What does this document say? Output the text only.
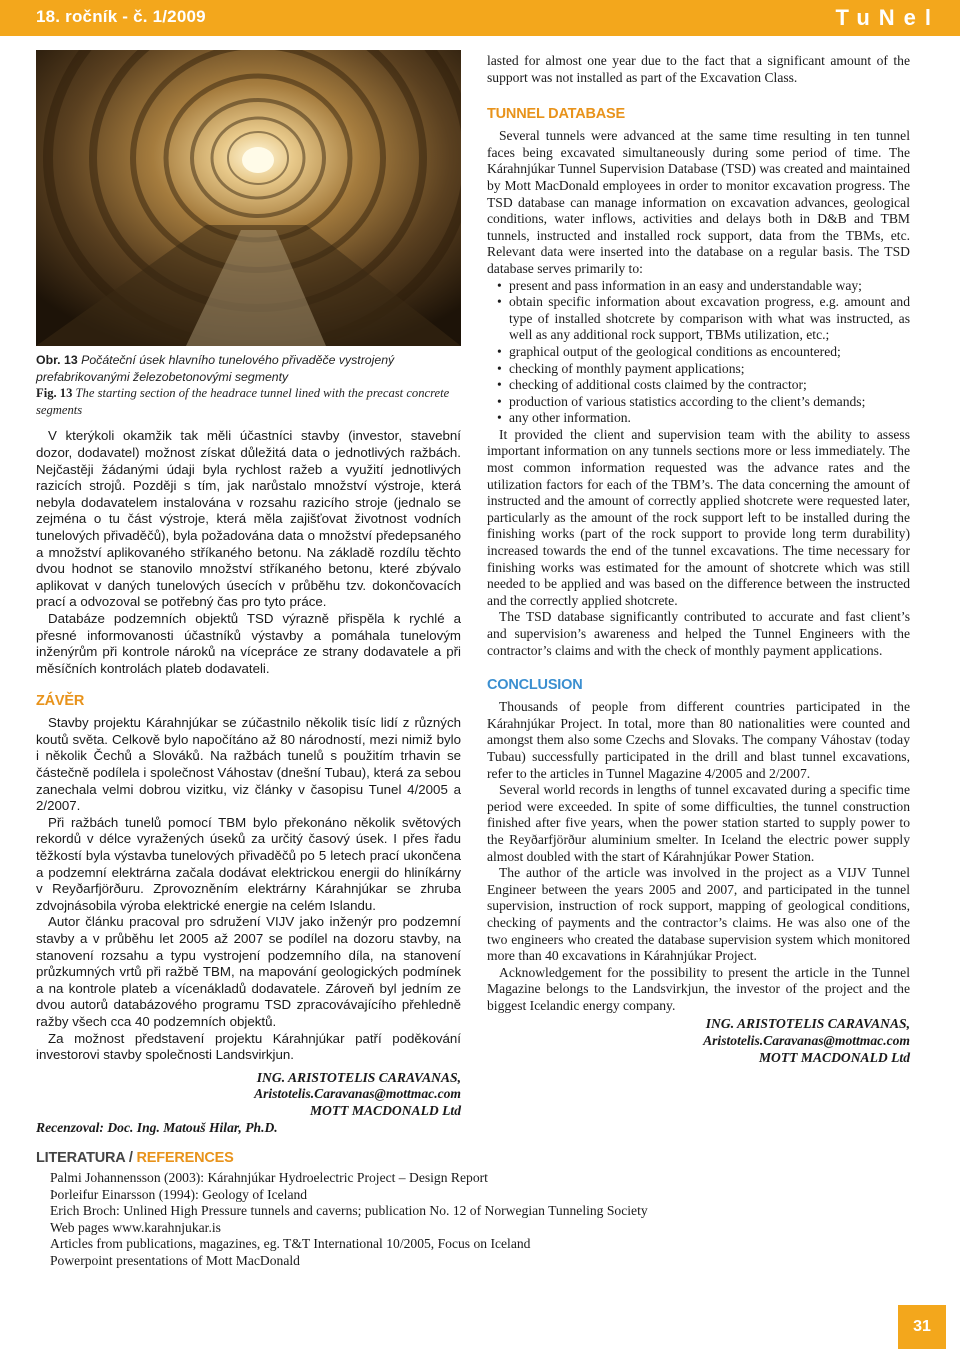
18. ročník - č. 1/2009	TuNel

Obr. 13 Počáteční úsek hlavního tunelového přivaděče vystrojený prefabrikovanými železobetonovými segmenty

Fig. 13 The starting section of the headrace tunnel lined with the precast concrete segments

V kterýkoli okamžik tak měli účastníci stavby (investor, stavební dozor, dodavatel) možnost získat důležitá data o jednotlivých ražbách. Nejčastěji žádanými údaji byla rychlost ražeb a využití jednotlivých razicích strojů. Později s tím, jak narůstalo množství výstroje, která nebyla dodavatelem instalována v rozsahu razicího stroje (jednalo se zejména o tu část výstroje, která měla zajišťovat životnost vodních tunelových přivaděčů), byla požadována data o množství předepsaného a množství aplikovaného stříkaného betonu. Na základě rozdílu těchto dvou hodnot se stanovilo množství stříkaného betonu, které zbývalo aplikovat v daných tunelových úsecích v průběhu tzv. dokončovacích prací a odvozoval se potřebný čas pro tyto práce.

Databáze podzemních objektů TSD výrazně přispěla k rychlé a přesné informovanosti účastníků výstavby a pomáhala tunelovým inženýrům při kontrole nároků na vícepráce ze strany dodavatele a při měsíčních kontrolách plateb dodavateli.

ZÁVĚR

Stavby projektu Kárahnjúkar se zúčastnilo několik tisíc lidí z různých koutů světa. Celkově bylo napočítáno až 80 národností, mezi nimiž bylo i několik Čechů a Slováků. Na ražbách tunelů s použitím trhavin se částečně podílela i společnost Váhostav (dnešní Tubau), která za sebou zanechala velmi dobrou vizitku, viz články v časopisu Tunel 4/2005 a 2/2007.

Při ražbách tunelů pomocí TBM bylo překonáno několik světových rekordů v délce vyražených úseků za určitý časový úsek. I přes řadu těžkostí byla výstavba tunelových přivaděčů po 5 letech prací ukončena a podzemní elektrárna začala dodávat elektrickou energii do hliníkárny v Reyðarfjörðuru. Zprovozněním elektrárny Kárahnjúkar se zhruba zdvojnásobila výroba elektrické energie na celém Islandu.

Autor článku pracoval pro sdružení VIJV jako inženýr pro podzemní stavby a v průběhu let 2005 až 2007 se podílel na dozoru stavby, na stanovení rozsahu a typu vystrojení podzemního díla, na stanovení průzkumných vrtů při ražbě TBM, na mapování geologických podmínek a na kontrole plateb a vícenákladů dodavatele. Zároveň byl jedním ze dvou autorů databázového programu TSD zpracovávajícího přehledně ražby všech cca 40 podzemních objektů.

Za možnost představení projektu Kárahnjúkar patří poděkování investorovi stavby společnosti Landsvirkjun.

ING. ARISTOTELIS CARAVANAS,

Aristotelis.Caravanas@mottmac.com

MOTT MACDONALD Ltd

Recenzoval: Doc. Ing. Matouš Hilar, Ph.D.

lasted for almost one year due to the fact that a significant amount of the support was not installed as part of the Excavation Class.

TUNNEL DATABASE

Several tunnels were advanced at the same time resulting in ten tunnel faces being excavated simultaneously during some period of time. The Kárahnjúkar Tunnel Supervision Database (TSD) was created and maintained by Mott MacDonald employees in order to monitor excavation progress. The TSD database can manage information on excavation advances, geological conditions, water inflows, activities and delays both in D&B and TBM tunnels, instructed and installed rock support, data from the TBMs, etc. Relevant data were inserted into the database on a regular basis. The TSD database serves primarily to:

• present and pass information in an easy and understandable way;
• obtain specific information about excavation progress, e.g. amount and type of installed shotcrete by comparison with what was instructed, as well as any additional rock support, TBMs utilization, etc.;
• graphical output of the geological conditions as encountered;
• checking of monthly payment applications;
• checking of additional costs claimed by the contractor;
• production of various statistics according to the client’s demands;
• any other information.

It provided the client and supervision team with the ability to assess important information on any tunnels sections more or less immediately. The most common information requested was the advance rates and the utilization factors for each of the TBM’s. The data concerning the amount of instructed and the amount of correctly applied shotcrete were requested later, particularly as the amount of the rock support left to be installed during the finishing works (part of the rock support to provide long term durability) increased towards the end of the tunnel excavations. The time necessary for finishing works was estimated for the amount of shotcrete which was still needed to be applied and was based on the difference between the instructed and the correctly applied shotcrete.

The TSD database significantly contributed to accurate and fast client’s and supervision’s awareness and helped the Tunnel Engineers with the contractor’s claims and with the check of monthly payment applications.

CONCLUSION

Thousands of people from different countries participated in the Kárahnjúkar Project. In total, more than 80 nationalities were counted and amongst them also some Czechs and Slovaks. The company Váhostav (today Tubau) successfully participated in the drill and blast tunnel excavations, refer to the articles in Tunnel Magazine 4/2005 and 2/2007.

Several world records in lengths of tunnel excavated during a specific time period were exceeded. In spite of some difficulties, the tunnel construction finished after five years, when the power station started to supply power to the Reyðarfjörður aluminium smelter. In Iceland the electric power supply almost doubled with the start of Kárahnjúkar Power Station.

The author of the article was involved in the project as a VIJV Tunnel Engineer between the years 2005 and 2007, and participated in the tunnel supervision, instruction of rock support, mapping of geological conditions, checking of payments and the contractor’s claims. He was also one of the two engineers who created the database supervision system which monitored more than 40 excavations in Kárahnjúkar Project.

Acknowledgement for the possibility to present the article in the Tunnel Magazine belongs to the Landsvirkjun, the investor of the project and the biggest Icelandic energy company.

ING. ARISTOTELIS CARAVANAS,

Aristotelis.Caravanas@mottmac.com

MOTT MACDONALD Ltd

LITERATURA / REFERENCES
Palmi Johannensson (2003): Kárahnjúkar Hydroelectric Project – Design Report
Þorleifur Einarsson (1994): Geology of Iceland
Erich Broch: Unlined High Pressure tunnels and caverns; publication No. 12 of Norwegian Tunneling Society
Web pages www.karahnjukar.is
Articles from publications, magazines, eg. T&T International 10/2005, Focus on Iceland
Powerpoint presentations of Mott MacDonald
31
